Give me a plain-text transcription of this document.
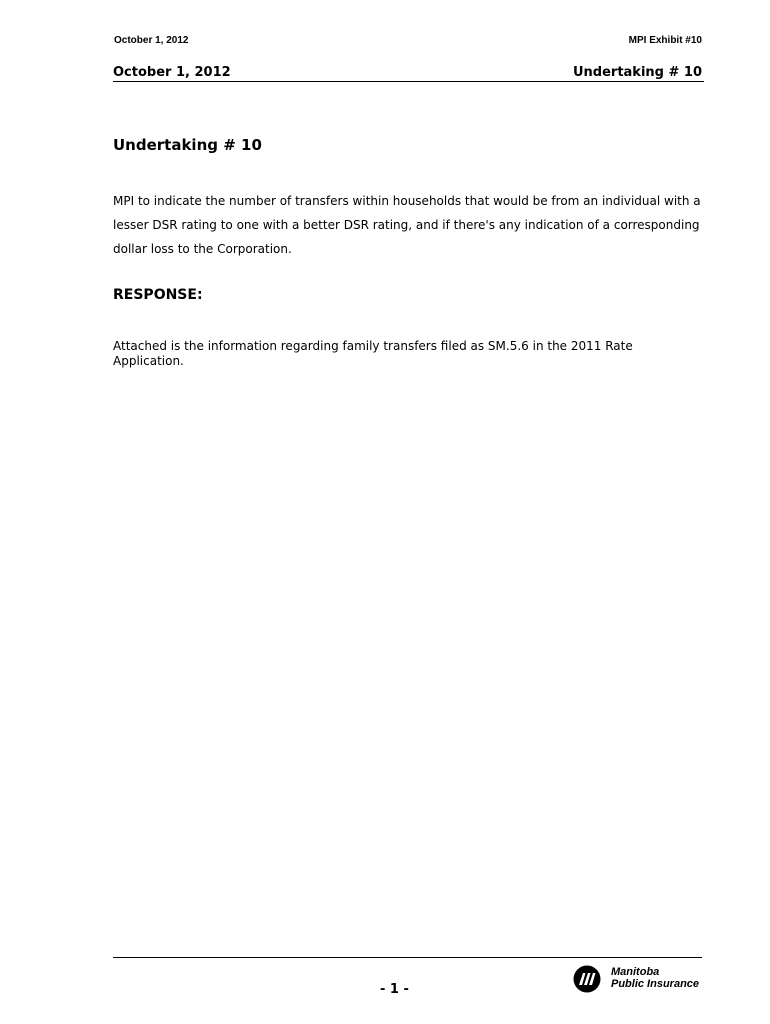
October 1, 2012	MPI Exhibit #10
October 1, 2012	Undertaking # 10
Undertaking # 10

MPI to indicate the number of transfers within households that would be from an individual with a lesser DSR rating to one with a better DSR rating, and if there's any indication of a corresponding dollar loss to the Corporation.

RESPONSE:

Attached is the information regarding family transfers filed as SM.5.6 in the 2011 Rate Application.

- 1 -
Manitoba
Public Insurance
